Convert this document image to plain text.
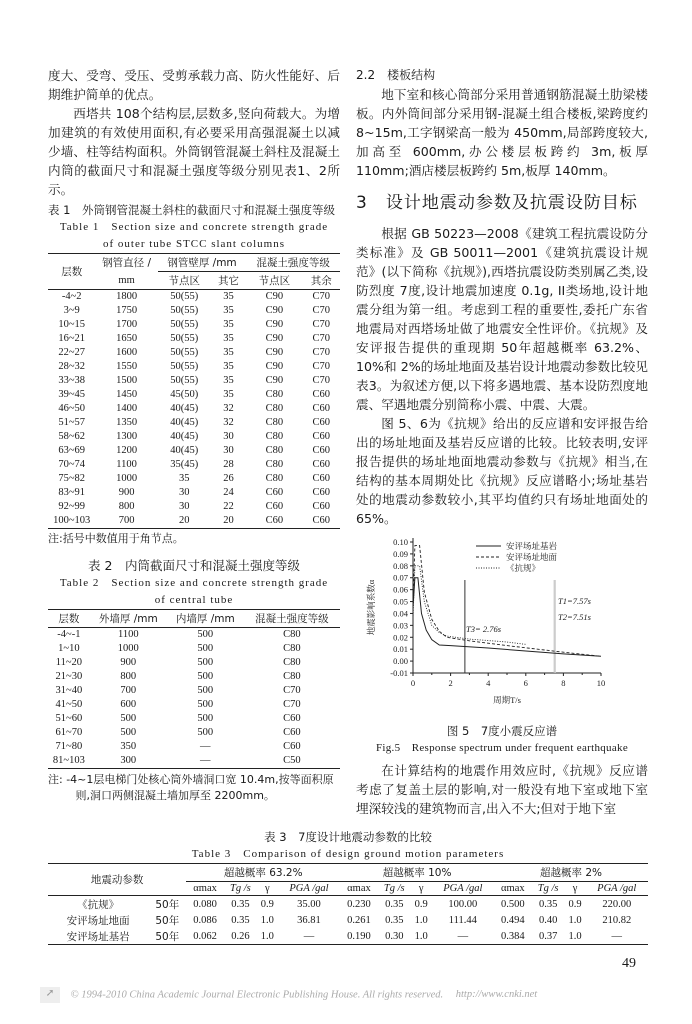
度大、受弯、受压、受剪承载力高、防火性能好、后期维护简单的优点。

西塔共 108个结构层,层数多,竖向荷载大。为增加建筑的有效使用面积,有必要采用高强混凝土以减少墙、柱等结构面积。外筒钢管混凝土斜柱及混凝土内筒的截面尺寸和混凝土强度等级分别见表1、2所示。

表 1　外筒钢管混凝土斜柱的截面尺寸和混凝土强度等级
Table 1　Section size and concrete strength grade
of outer tube STCC slant columns
层数	钢管直径 /	钢管壁厚 /mm		混凝土强度等级	
	mm	节点区	其它	节点区	其余
-4~2	1800	50(55)	35	C90	C70
3~9	1750	50(55)	35	C90	C70
10~15	1700	50(55)	35	C90	C70
16~21	1650	50(55)	35	C90	C70
22~27	1600	50(55)	35	C90	C70
28~32	1550	50(55)	35	C90	C70
33~38	1500	50(55)	35	C90	C70
39~45	1450	45(50)	35	C80	C60
46~50	1400	40(45)	32	C80	C60
51~57	1350	40(45)	32	C80	C60
58~62	1300	40(45)	30	C80	C60
63~69	1200	40(45)	30	C80	C60
70~74	1100	35(45)	28	C80	C60
75~82	1000	35	26	C80	C60
83~91	900	30	24	C60	C60
92~99	800	30	22	C60	C60
100~103	700	20	20	C60	C60
注:括号中数值用于角节点。
表 2　内筒截面尺寸和混凝土强度等级
Table 2　Section size and concrete strength grade
of central tube
层数	外墙厚 /mm	内墙厚 /mm	混凝土强度等级
-4~-1	1100	500	C80
1~10	1000	500	C80
11~20	900	500	C80
21~30	800	500	C80
31~40	700	500	C70
41~50	600	500	C70
51~60	500	500	C60
61~70	500	500	C60
71~80	350	—	C60
81~103	300	—	C50
注: -4~1层电梯门处核心筒外墙洞口宽 10.4m,按等面积原则,洞口两侧混凝土墙加厚至 2200mm。
2.2　楼板结构

地下室和核心筒部分采用普通钢筋混凝土肋梁楼板。内外筒间部分采用钢-混凝土组合楼板,梁跨度约 8~15m,工字钢梁高一般为 450mm,局部跨度较大,加高至 600mm,办公楼层板跨约 3m,板厚 110mm;酒店楼层板跨约 5m,板厚 140mm。

3　设计地震动参数及抗震设防目标

根据 GB 50223—2008《建筑工程抗震设防分类标准》及 GB 50011—2001《建筑抗震设计规范》(以下简称《抗规》),西塔抗震设防类别属乙类,设防烈度 7度,设计地震加速度 0.1g, II类场地,设计地震分组为第一组。考虑到工程的重要性,委托广东省地震局对西塔场址做了地震安全性评价。《抗规》及安评报告提供的重现期 50年超越概率 63.2%、10%和 2%的场址地面及基岩设计地震动参数比较见表3。为叙述方便,以下将多遇地震、基本设防烈度地震、罕遇地震分别简称小震、中震、大震。

图 5、6为《抗规》给出的反应谱和安评报告给出的场址地面及基岩反应谱的比较。比较表明,安评报告提供的场址地面地震动参数与《抗规》相当,在结构的基本周期处比《抗规》反应谱略小;场址基岩处的地震动参数较小,其平均值约只有场址地面处的 65%。

0.10
0.09
0.08
0.07
0.06
0.05
0.04
0.03
0.02
0.01
0.00
-0.01
0	2	4	6	8	10
周期T/s
地震影响系数α	T3= 2.76s
T2=7.51s
T1=7.57s
安评场址基岩
安评场址地面
《抗规》
图 5　7度小震反应谱
Fig.5　Response spectrum under frequent earthquake

在计算结构的地震作用效应时,《抗规》反应谱考虑了复盖土层的影响,对一般没有地下室或地下室埋深较浅的建筑物而言,出入不大;但对于地下室

表 3　7度设计地震动参数的比较
Table 3　Comparison of design ground motion parameters
地震动参数		超越概率 63.2%				超越概率 10%				超越概率 2%			
		αmax	Tg /s	γ	PGA /gal	αmax	Tg /s	γ	PGA /gal	αmax	Tg /s	γ	PGA /gal
《抗规》	50年	0.080	0.35	0.9	35.00	0.230	0.35	0.9	100.00	0.500	0.35	0.9	220.00
安评场址地面	50年	0.086	0.35	1.0	36.81	0.261	0.35	1.0	111.44	0.494	0.40	1.0	210.82
安评场址基岩	50年	0.062	0.26	1.0	—	0.190	0.30	1.0	—	0.384	0.37	1.0	—
49
➚ © 1994-2010 China Academic Journal Electronic Publishing House. All rights reserved. http://www.cnki.net
